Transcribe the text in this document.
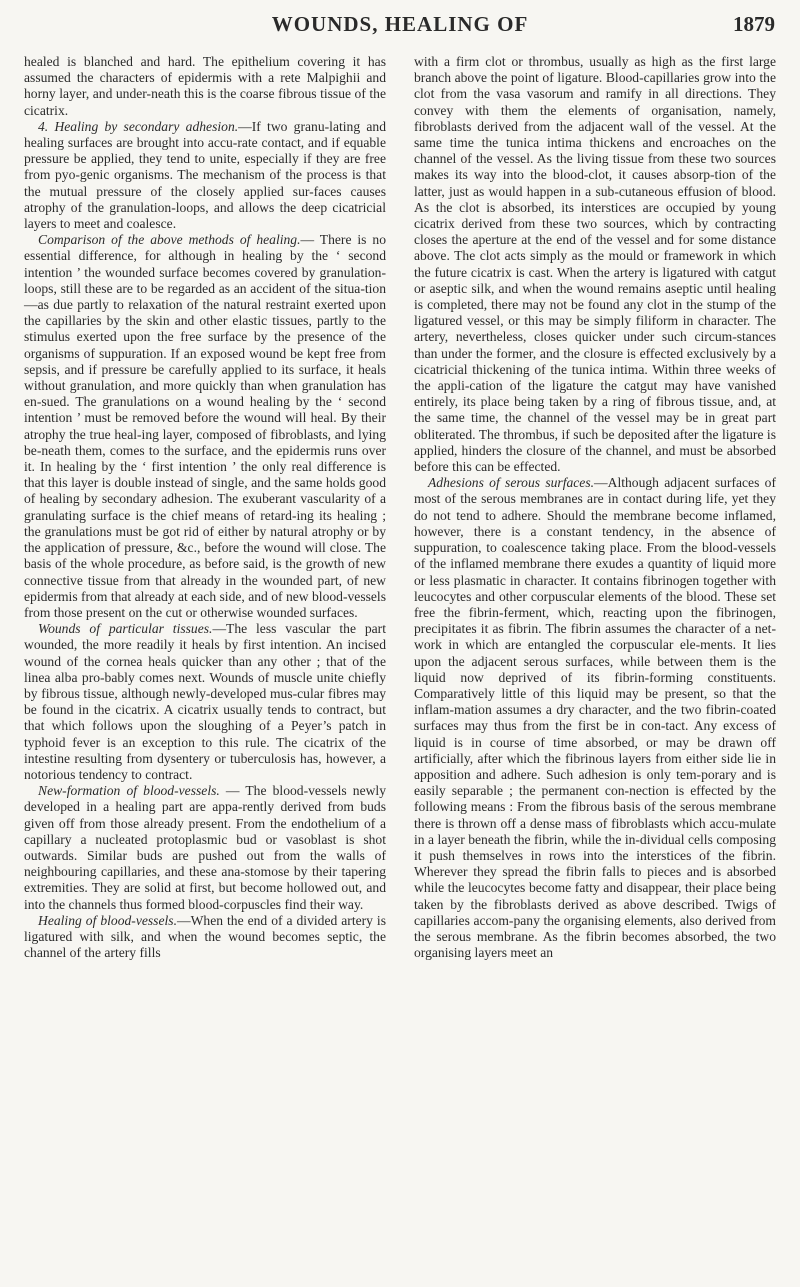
WOUNDS, HEALING OF	1879

healed is blanched and hard. The epithelium covering it has assumed the characters of epidermis with a rete Malpighii and horny layer, and under-neath this is the coarse fibrous tissue of the cicatrix.

4. Healing by secondary adhesion.—If two granu-lating and healing surfaces are brought into accu-rate contact, and if equable pressure be applied, they tend to unite, especially if they are free from pyo-genic organisms. The mechanism of the process is that the mutual pressure of the closely applied sur-faces causes atrophy of the granulation-loops, and allows the deep cicatricial layers to meet and coalesce.

Comparison of the above methods of healing.— There is no essential difference, for although in healing by the ‘ second intention ’ the wounded surface becomes covered by granulation-loops, still these are to be regarded as an accident of the situa-tion—as due partly to relaxation of the natural restraint exerted upon the capillaries by the skin and other elastic tissues, partly to the stimulus exerted upon the free surface by the presence of the organisms of suppuration. If an exposed wound be kept free from sepsis, and if pressure be carefully applied to its surface, it heals without granulation, and more quickly than when granulation has en-sued. The granulations on a wound healing by the ‘ second intention ’ must be removed before the wound will heal. By their atrophy the true heal-ing layer, composed of fibroblasts, and lying be-neath them, comes to the surface, and the epidermis runs over it. In healing by the ‘ first intention ’ the only real difference is that this layer is double instead of single, and the same holds good of healing by secondary adhesion. The exuberant vascularity of a granulating surface is the chief means of retard-ing its healing ; the granulations must be got rid of either by natural atrophy or by the application of pressure, &c., before the wound will close. The basis of the whole procedure, as before said, is the growth of new connective tissue from that already in the wounded part, of new epidermis from that already at each side, and of new blood-vessels from those present on the cut or otherwise wounded surfaces.

Wounds of particular tissues.—The less vascular the part wounded, the more readily it heals by first intention. An incised wound of the cornea heals quicker than any other ; that of the linea alba pro-bably comes next. Wounds of muscle unite chiefly by fibrous tissue, although newly-developed mus-cular fibres may be found in the cicatrix. A cicatrix usually tends to contract, but that which follows upon the sloughing of a Peyer’s patch in typhoid fever is an exception to this rule. The cicatrix of the intestine resulting from dysentery or tuberculosis has, however, a notorious tendency to contract.

New-formation of blood-vessels. — The blood-vessels newly developed in a healing part are appa-rently derived from buds given off from those already present. From the endothelium of a capillary a nucleated protoplasmic bud or vasoblast is shot outwards. Similar buds are pushed out from the walls of neighbouring capillaries, and these ana-stomose by their tapering extremities. They are solid at first, but become hollowed out, and into the channels thus formed blood-corpuscles find their way.

Healing of blood-vessels.—When the end of a divided artery is ligatured with silk, and when the wound becomes septic, the channel of the artery fills

with a firm clot or thrombus, usually as high as the first large branch above the point of ligature. Blood-capillaries grow into the clot from the vasa vasorum and ramify in all directions. They convey with them the elements of organisation, namely, fibroblasts derived from the adjacent wall of the vessel. At the same time the tunica intima thickens and encroaches on the channel of the vessel. As the living tissue from these two sources makes its way into the blood-clot, it causes absorp-tion of the latter, just as would happen in a sub-cutaneous effusion of blood. As the clot is absorbed, its interstices are occupied by young cicatrix derived from these two sources, which by contracting closes the aperture at the end of the vessel and for some distance above. The clot acts simply as the mould or framework in which the future cicatrix is cast. When the artery is ligatured with catgut or aseptic silk, and when the wound remains aseptic until healing is completed, there may not be found any clot in the stump of the ligatured vessel, or this may be simply filiform in character. The artery, nevertheless, closes quicker under such circum-stances than under the former, and the closure is effected exclusively by a cicatricial thickening of the tunica intima. Within three weeks of the appli-cation of the ligature the catgut may have vanished entirely, its place being taken by a ring of fibrous tissue, and, at the same time, the channel of the vessel may be in great part obliterated. The thrombus, if such be deposited after the ligature is applied, hinders the closure of the channel, and must be absorbed before this can be effected.

Adhesions of serous surfaces.—Although adjacent surfaces of most of the serous membranes are in contact during life, yet they do not tend to adhere. Should the membrane become inflamed, however, there is a constant tendency, in the absence of suppuration, to coalescence taking place. From the blood-vessels of the inflamed membrane there exudes a quantity of liquid more or less plasmatic in character. It contains fibrinogen together with leucocytes and other corpuscular elements of the blood. These set free the fibrin-ferment, which, reacting upon the fibrinogen, precipitates it as fibrin. The fibrin assumes the character of a net-work in which are entangled the corpuscular ele-ments. It lies upon the adjacent serous surfaces, while between them is the liquid now deprived of its fibrin-forming constituents. Comparatively little of this liquid may be present, so that the inflam-mation assumes a dry character, and the two fibrin-coated surfaces may thus from the first be in con-tact. Any excess of liquid is in course of time absorbed, or may be drawn off artificially, after which the fibrinous layers from either side lie in apposition and adhere. Such adhesion is only tem-porary and is easily separable ; the permanent con-nection is effected by the following means : From the fibrous basis of the serous membrane there is thrown off a dense mass of fibroblasts which accu-mulate in a layer beneath the fibrin, while the in-dividual cells composing it push themselves in rows into the interstices of the fibrin. Wherever they spread the fibrin falls to pieces and is absorbed while the leucocytes become fatty and disappear, their place being taken by the fibroblasts derived as above described. Twigs of capillaries accom-pany the organising elements, also derived from the serous membrane. As the fibrin becomes absorbed, the two organising layers meet an
